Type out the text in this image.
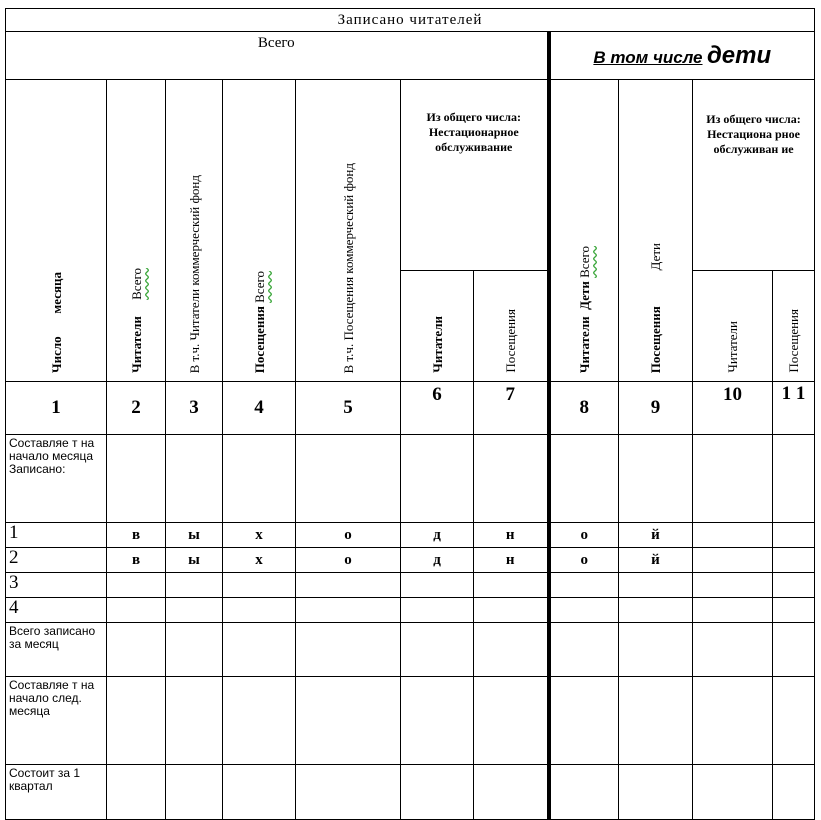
Записано читателей										
Всего							В том числе дети			

Число       месяца	Читатели     Всего	В т.ч. Читатели коммерческий фонд	Посещения Всего	В т.ч. Посещения коммерческий фонд	Из общего числа: Нестационарное обслуживание		Читатели  Дети Всего	Посещения           Дети	Из общего числа: Нестациона рное обслуживан ие	

					Читатели	Посещения			Читатели	Посещения

1	2	3	4	5	6	7	8	9	10	1 1
Составляе т на начало месяца Записано:										
1	в	ы	х	о	д	н	о	й		
2	в	ы	х	о	д	н	о	й		
3										
4										
Всего записано за месяц										
Составляе т на начало след. месяца										
Состоит за 1 квартал										
